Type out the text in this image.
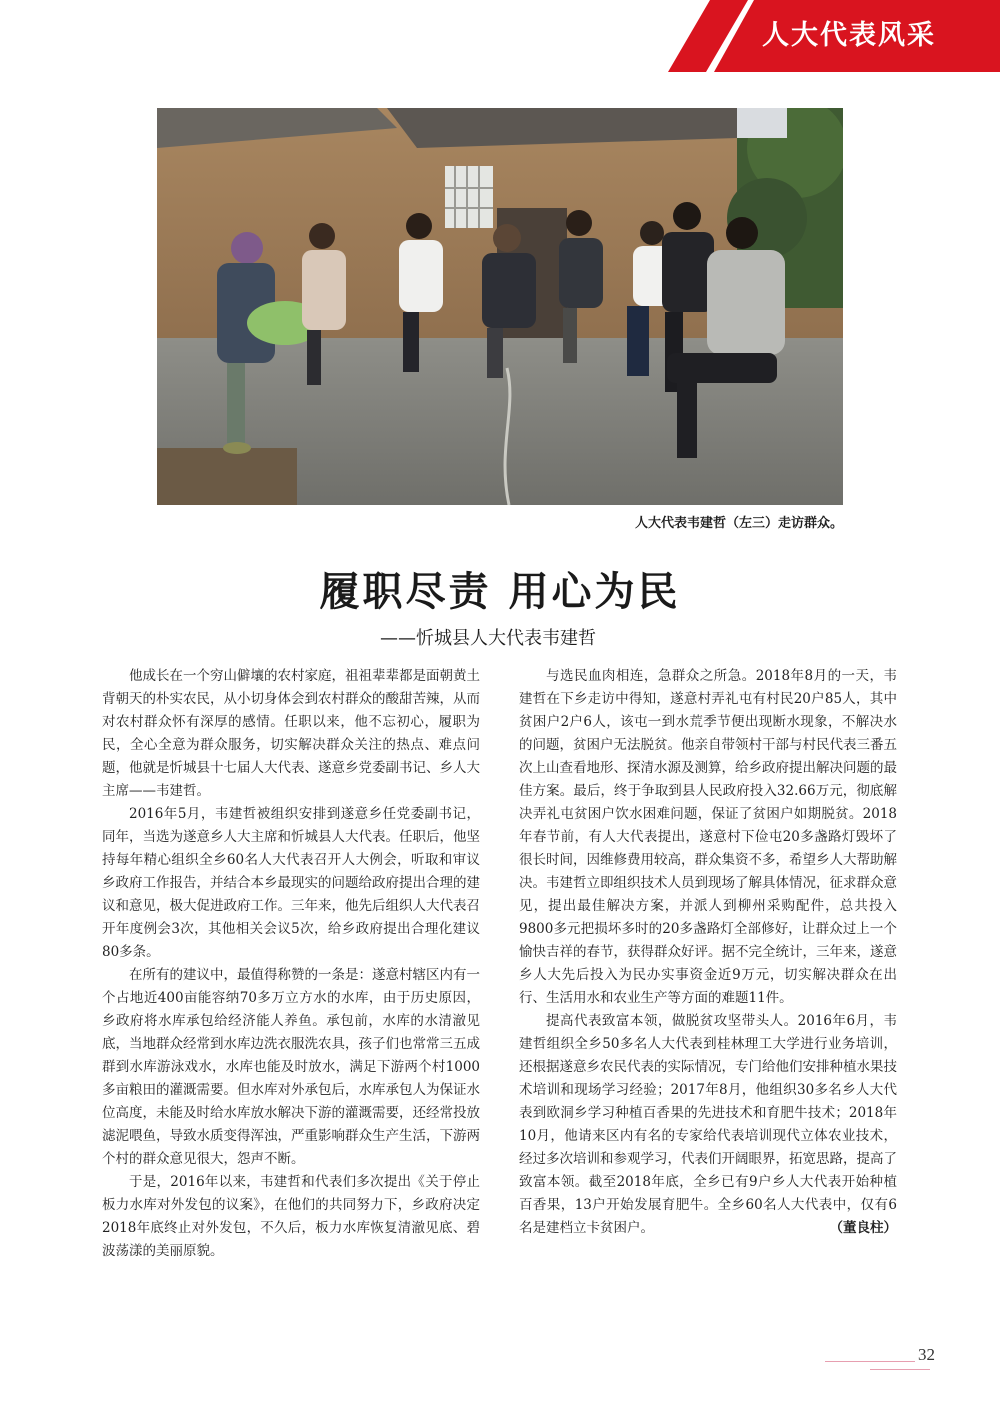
人大代表风采
人大代表韦建哲（左三）走访群众。
履职尽责 用心为民
——忻城县人大代表韦建哲

他成长在一个穷山僻壤的农村家庭，祖祖辈辈都是面朝黄土背朝天的朴实农民，从小切身体会到农村群众的酸甜苦辣，从而对农村群众怀有深厚的感情。任职以来，他不忘初心，履职为民，全心全意为群众服务，切实解决群众关注的热点、难点问题，他就是忻城县十七届人大代表、遂意乡党委副书记、乡人大主席——韦建哲。

2016年5月，韦建哲被组织安排到遂意乡任党委副书记，同年，当选为遂意乡人大主席和忻城县人大代表。任职后，他坚持每年精心组织全乡60名人大代表召开人大例会，听取和审议乡政府工作报告，并结合本乡最现实的问题给政府提出合理的建议和意见，极大促进政府工作。三年来，他先后组织人大代表召开年度例会3次，其他相关会议5次，给乡政府提出合理化建议80多条。

在所有的建议中，最值得称赞的一条是：遂意村辖区内有一个占地近400亩能容纳70多万立方水的水库，由于历史原因，乡政府将水库承包给经济能人养鱼。承包前，水库的水清澈见底，当地群众经常到水库边洗衣服洗农具，孩子们也常常三五成群到水库游泳戏水，水库也能及时放水，满足下游两个村1000多亩粮田的灌溉需要。但水库对外承包后，水库承包人为保证水位高度，未能及时给水库放水解决下游的灌溉需要，还经常投放滤泥喂鱼，导致水质变得浑浊，严重影响群众生产生活，下游两个村的群众意见很大，怨声不断。

于是，2016年以来，韦建哲和代表们多次提出《关于停止板力水库对外发包的议案》，在他们的共同努力下，乡政府决定2018年底终止对外发包，不久后，板力水库恢复清澈见底、碧波荡漾的美丽原貌。

与选民血肉相连，急群众之所急。2018年8月的一天，韦建哲在下乡走访中得知，遂意村弄礼屯有村民20户85人，其中贫困户2户6人，该屯一到水荒季节便出现断水现象，不解决水的问题，贫困户无法脱贫。他亲自带领村干部与村民代表三番五次上山查看地形、探清水源及测算，给乡政府提出解决问题的最佳方案。最后，终于争取到县人民政府投入32.66万元，彻底解决弄礼屯贫困户饮水困难问题，保证了贫困户如期脱贫。2018年春节前，有人大代表提出，遂意村下俭屯20多盏路灯毁坏了很长时间，因维修费用较高，群众集资不多，希望乡人大帮助解决。韦建哲立即组织技术人员到现场了解具体情况，征求群众意见，提出最佳解决方案，并派人到柳州采购配件，总共投入9800多元把损坏多时的20多盏路灯全部修好，让群众过上一个愉快吉祥的春节，获得群众好评。据不完全统计，三年来，遂意乡人大先后投入为民办实事资金近9万元，切实解决群众在出行、生活用水和农业生产等方面的难题11件。

提高代表致富本领，做脱贫攻坚带头人。2016年6月，韦建哲组织全乡50多名人大代表到桂林理工大学进行业务培训，还根据遂意乡农民代表的实际情况，专门给他们安排种植水果技术培训和现场学习经验；2017年8月，他组织30多名乡人大代表到欧洞乡学习种植百香果的先进技术和育肥牛技术；2018年10月，他请来区内有名的专家给代表培训现代立体农业技术，经过多次培训和参观学习，代表们开阔眼界，拓宽思路，提高了致富本领。截至2018年底，全乡已有9户乡人大代表开始种植百香果，13户开始发展育肥牛。全乡60名人大代表中，仅有6名是建档立卡贫困户。	（董良柱）
32
